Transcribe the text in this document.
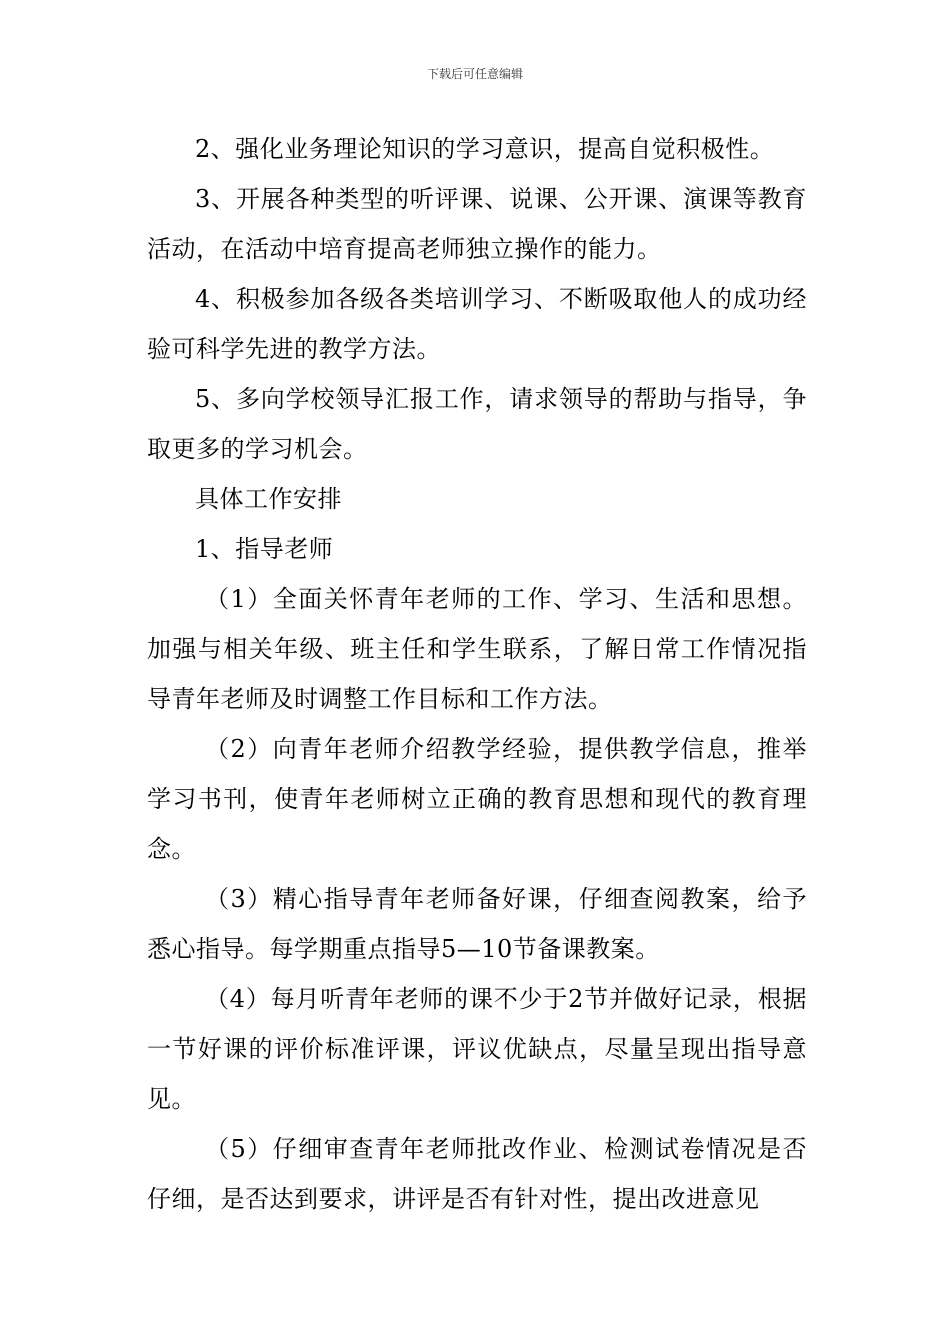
下载后可任意编辑

2、强化业务理论知识的学习意识，提高自觉积极性。

3、开展各种类型的听评课、说课、公开课、演课等教育活动，在活动中培育提高老师独立操作的能力。

4、积极参加各级各类培训学习、不断吸取他人的成功经验可科学先进的教学方法。

5、多向学校领导汇报工作，请求领导的帮助与指导，争取更多的学习机会。

具体工作安排

1、指导老师

（1）全面关怀青年老师的工作、学习、生活和思想。加强与相关年级、班主任和学生联系，了解日常工作情况指导青年老师及时调整工作目标和工作方法。

（2）向青年老师介绍教学经验，提供教学信息，推举学习书刊，使青年老师树立正确的教育思想和现代的教育理念。

（3）精心指导青年老师备好课，仔细查阅教案，给予悉心指导。每学期重点指导5—10节备课教案。

（4）每月听青年老师的课不少于2节并做好记录，根据一节好课的评价标准评课，评议优缺点，尽量呈现出指导意见。

（5）仔细审查青年老师批改作业、检测试卷情况是否仔细，是否达到要求，讲评是否有针对性，提出改进意见
